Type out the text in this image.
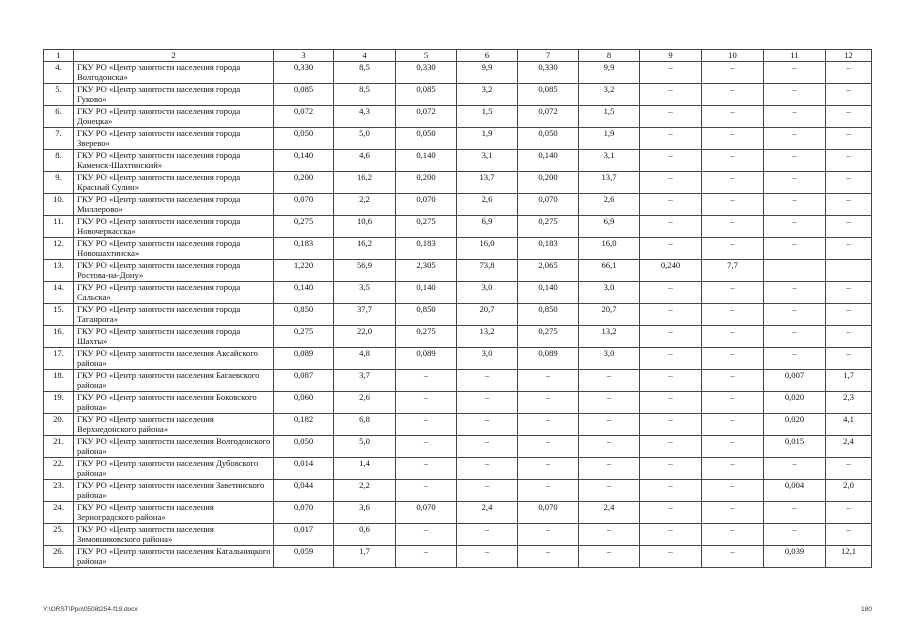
1	2	3	4	5	6	7	8	9	10	11	12
4.	ГКУ РО «Центр занятости населения города Волгодонска»	0,330	8,5	0,330	9,9	0,330	9,9	–	–	–	–
5.	ГКУ РО «Центр занятости населения города Гуково»	0,085	8,5	0,085	3,2	0,085	3,2	–	–	–	–
6.	ГКУ РО «Центр занятости населения города Донецка»	0,072	4,3	0,072	1,5	0,072	1,5	–	–	–	–
7.	ГКУ РО «Центр занятости населения города Зверево»	0,050	5,0	0,050	1,9	0,050	1,9	–	–	–	–
8.	ГКУ РО «Центр занятости населения города Каменск-Шахтинский»	0,140	4,6	0,140	3,1	0,140	3,1	–	–	–	–
9.	ГКУ РО «Центр занятости населения города Красный Сулин»	0,200	16,2	0,200	13,7	0,200	13,7	–	–	–	–
10.	ГКУ РО «Центр занятости населения города Миллерово»	0,070	2,2	0,070	2,6	0,070	2,6	–	–	–	–
11.	ГКУ РО «Центр занятости населения города Новочеркасска»	0,275	10,6	0,275	6,9	0,275	6,9	–	–	–	–
12.	ГКУ РО «Центр занятости населения города Новошахтинска»	0,183	16,2	0,183	16,0	0,183	16,0	–	–	–	–
13.	ГКУ РО «Центр занятости населения города Ростова-на-Дону»	1,220	56,9	2,305	73,8	2,065	66,1	0,240	7,7		
14.	ГКУ РО «Центр занятости населения города Сальска»	0,140	3,5	0,140	3,0	0,140	3,0	–	–	–	–
15.	ГКУ РО «Центр занятости населения города Таганрога»	0,850	37,7	0,850	20,7	0,850	20,7	–	–	–	–
16.	ГКУ РО «Центр занятости населения города Шахты»	0,275	22,0	0,275	13,2	0,275	13,2	–	–	–	–
17.	ГКУ РО «Центр занятости населения Аксайского района»	0,089	4,8	0,089	3,0	0,089	3,0	–	–	–	–
18.	ГКУ РО «Центр занятости населения Багаевского района»	0,087	3,7	–	–	–	–	–	–	0,007	1,7
19.	ГКУ РО «Центр занятости населения Боковского района»	0,060	2,6	–	–	–	–	–	–	0,020	2,3
20.	ГКУ РО «Центр занятости населения Верхнедонского района»	0,182	6,8	–	–	–	–	–	–	0,020	4,1
21.	ГКУ РО «Центр занятости населения Волгодонского района»	0,050	5,0	–	–	–	–	–	–	0,015	2,4
22.	ГКУ РО «Центр занятости населения Дубовского района»	0,014	1,4	–	–	–	–	–	–	–	–
23.	ГКУ РО «Центр занятости населения Заветинского района»	0,044	2,2	–	–	–	–	–	–	0,004	2,0
24.	ГКУ РО «Центр занятости населения Зерноградского района»	0,070	3,6	0,070	2,4	0,070	2,4	–	–	–	–
25.	ГКУ РО «Центр занятости населения Зимовниковского района»	0,017	0,6	–	–	–	–	–	–	–	–
26.	ГКУ РО «Центр занятости населения Кагальницкого района»	0,059	1,7	–	–	–	–	–	–	0,039	12,1
Y:\ORST\Ppo\0508t254-f19.docx	180
